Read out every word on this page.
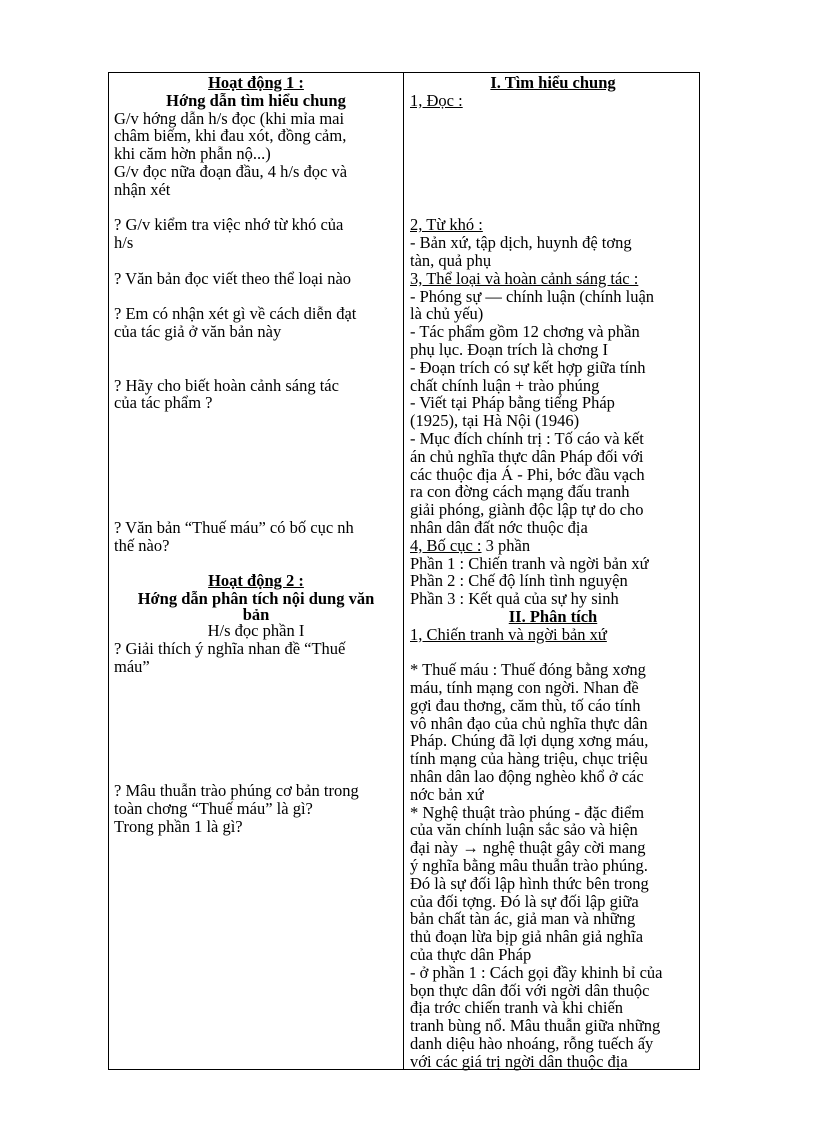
Hoạt động 1 :
Hớng dẫn tìm hiểu chung
G/v hớng dẫn h/s đọc (khi mỉa mai
châm biếm, khi đau xót, đồng cảm,
khi căm hờn phẫn nộ...)
G/v đọc nữa đoạn đầu, 4 h/s đọc và
nhận xét
? G/v kiểm tra việc nhớ từ khó của
h/s
? Văn bản đọc viết theo thể loại nào
? Em có nhận xét gì về cách diễn đạt
của tác giả ở văn bản này
? Hãy cho biết hoàn cảnh sáng tác
của tác phẩm ?
? Văn bản “Thuế máu” có bố cục nh
thế nào?
Hoạt động 2 :
Hớng dẫn phân tích nội dung văn
bản
H/s đọc phần I
? Giải thích ý nghĩa nhan đề “Thuế
máu”
? Mâu thuẫn trào phúng cơ bản trong
toàn chơng “Thuế máu” là gì?
Trong phần 1 là gì?
I. Tìm hiểu chung
1, Đọc :
2, Từ khó :
- Bản xứ, tập dịch, huynh đệ tơng
tàn, quả phụ
3, Thể loại và hoàn cảnh sáng tác :
- Phóng sự — chính luận (chính luận
là chủ yếu)
- Tác phẩm gồm 12 chơng và phần
phụ lục. Đoạn trích là chơng I
- Đoạn trích có sự kết hợp giữa tính
chất chính luận + trào phúng
- Viết tại Pháp bằng tiếng Pháp
(1925), tại Hà Nội (1946)
- Mục đích chính trị : Tố cáo và kết
án chủ nghĩa thực dân Pháp đối với
các thuộc địa Á - Phi, bớc đầu vạch
ra con đờng cách mạng đấu tranh
giải phóng, giành độc lập tự do cho
nhân dân đất nớc thuộc địa
4, Bố cục : 3 phần
Phần 1 : Chiến tranh và ngời bản xứ
Phần 2 : Chế độ lính tình nguyện
Phần 3 : Kết quả của sự hy sinh
II. Phân tích
1, Chiến tranh và ngời bản xứ
* Thuế máu : Thuế đóng bằng xơng
máu, tính mạng con ngời. Nhan đề
gợi đau thơng, căm thù, tố cáo tính
vô nhân đạo của chủ nghĩa thực dân
Pháp. Chúng đã lợi dụng xơng máu,
tính mạng của hàng triệu, chục triệu
nhân dân lao động nghèo khổ ở các
nớc bản xứ
* Nghệ thuật trào phúng - đặc điểm
của văn chính luận sắc sảo và hiện
đại này → nghệ thuật gây cời mang
ý nghĩa bằng mâu thuẫn trào phúng.
Đó là sự đối lập hình thức bên trong
của đối tợng. Đó là sự đối lập giữa
bản chất tàn ác, giả man và những
thủ đoạn lừa bịp giả nhân giả nghĩa
của thực dân Pháp
- ở phần 1 : Cách gọi đầy khinh bỉ của
bọn thực dân đối với ngời dân thuộc
địa trớc chiến tranh và khi chiến
tranh bùng nổ. Mâu thuẫn giữa những
danh diệu hào nhoáng, rỗng tuếch ấy
với các giá trị ngời dân thuộc địa
